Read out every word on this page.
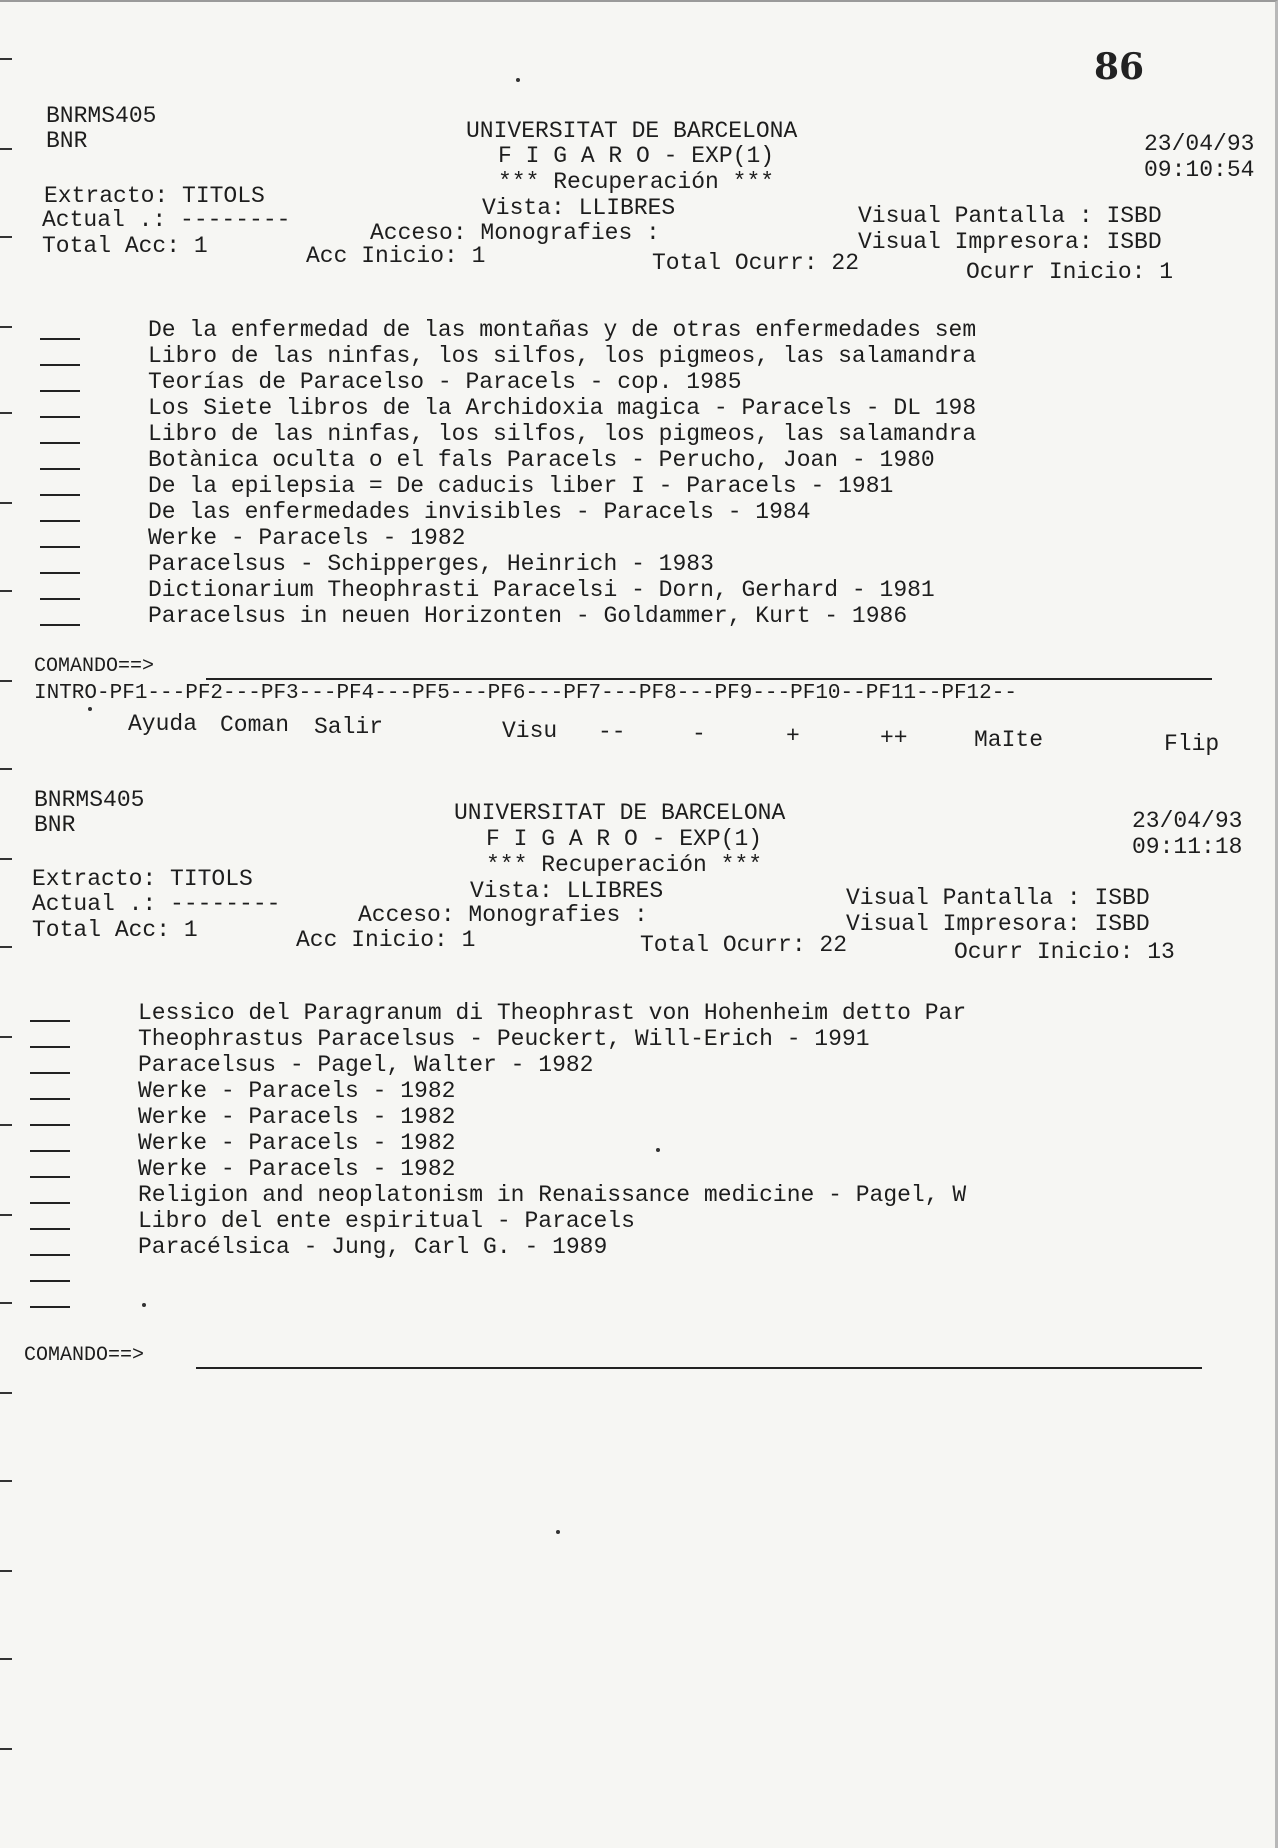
86
BNRMS405
BNR	UNIVERSITAT DE BARCELONA
F I G A R O - EXP(1)
*** Recuperación ***
23/04/93
09:10:54
Extracto: TITOLS
Actual .: --------
Total Acc: 1
Vista: LLIBRES
Acceso: Monografies :
Acc Inicio: 1	Total Ocurr: 22
Visual Pantalla : ISBD
Visual Impresora: ISBD
Ocurr Inicio: 1
De la enfermedad de las montañas y de otras enfermedades sem
Libro de las ninfas, los silfos, los pigmeos, las salamandra
Teorías de Paracelso - Paracels - cop. 1985
Los Siete libros de la Archidoxia magica - Paracels - DL 198
Libro de las ninfas, los silfos, los pigmeos, las salamandra
Botànica oculta o el fals Paracels - Perucho, Joan - 1980
De la epilepsia = De caducis liber I - Paracels - 1981
De las enfermedades invisibles - Paracels - 1984
Werke - Paracels - 1982
Paracelsus - Schipperges, Heinrich - 1983
Dictionarium Theophrasti Paracelsi - Dorn, Gerhard - 1981
Paracelsus in neuen Horizonten - Goldammer, Kurt - 1986
COMANDO==>
INTRO-PF1---PF2---PF3---PF4---PF5---PF6---PF7---PF8---PF9---PF10--PF11--PF12--
Ayuda Coman Salir	Visu --	-	+	++	MaIte	Flip
BNRMS405
BNR	UNIVERSITAT DE BARCELONA
F I G A R O - EXP(1)
*** Recuperación ***
23/04/93
09:11:18
Extracto: TITOLS
Actual .: --------
Total Acc: 1
Vista: LLIBRES
Acceso: Monografies :
Acc Inicio: 1	Total Ocurr: 22
Visual Pantalla : ISBD
Visual Impresora: ISBD
Ocurr Inicio: 13
Lessico del Paragranum di Theophrast von Hohenheim detto Par
Theophrastus Paracelsus - Peuckert, Will-Erich - 1991
Paracelsus - Pagel, Walter - 1982
Werke - Paracels - 1982
Werke - Paracels - 1982
Werke - Paracels - 1982
Werke - Paracels - 1982
Religion and neoplatonism in Renaissance medicine - Pagel, W
Libro del ente espiritual - Paracels
Paracélsica - Jung, Carl G. - 1989
COMANDO==>
